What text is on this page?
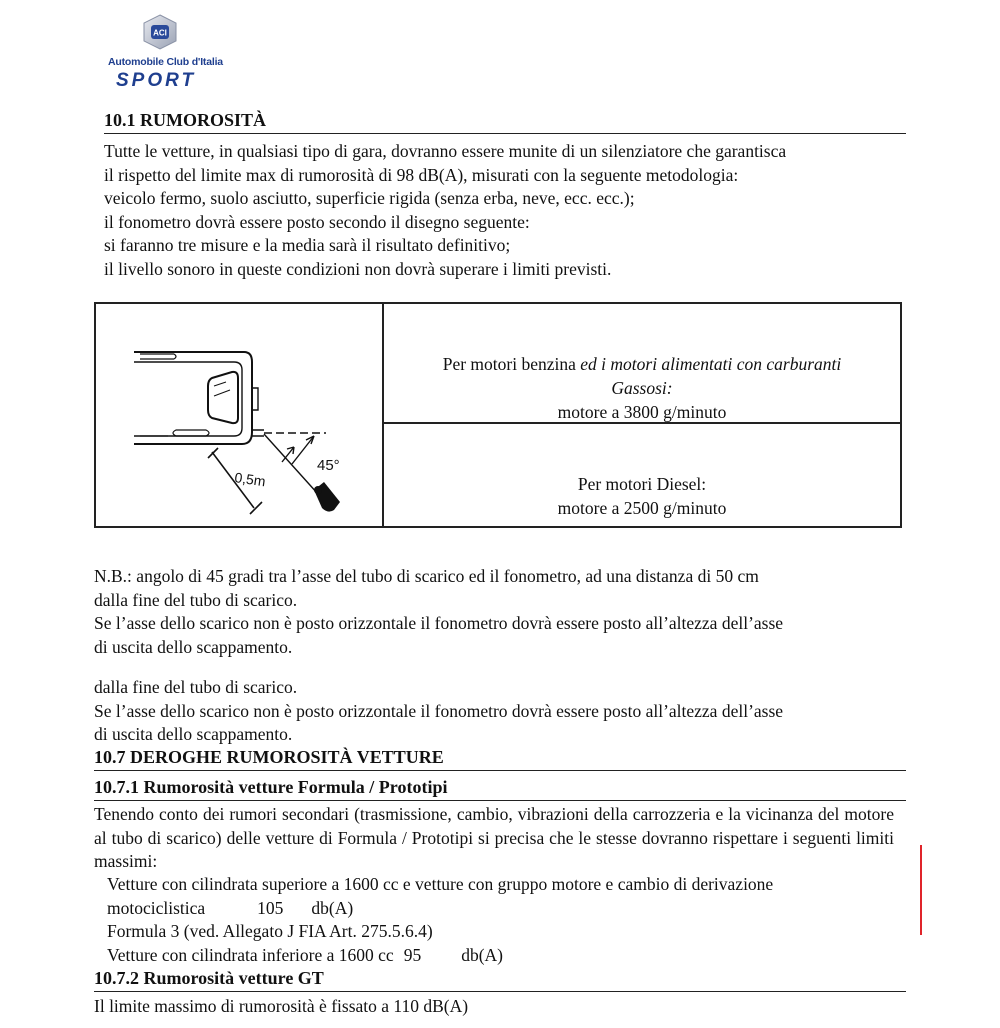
ACI
Automobile Club d'Italia
SPORT
10.1 RUMOROSITÀ
Tutte le vetture, in qualsiasi tipo di gara, dovranno essere munite di un silenziatore che garantisca
il rispetto del limite max di rumorosità di 98 dB(A), misurati con la seguente metodologia:
veicolo fermo, suolo asciutto, superficie rigida (senza erba, neve, ecc. ecc.);
il fonometro dovrà essere posto secondo il disegno seguente:
si faranno tre misure e la media sarà il risultato definitivo;
il livello sonoro in queste condizioni non dovrà superare i limiti previsti.
45°
0,5m
Per motori benzina ed i motori alimentati con carburanti
Gassosi:
motore a 3800 g/minuto
Per motori Diesel:
motore a 2500 g/minuto
N.B.: angolo di 45 gradi tra l’asse del tubo di scarico ed il fonometro, ad una distanza di 50 cm
dalla fine del tubo di scarico.
Se l’asse dello scarico non è posto orizzontale il fonometro dovrà essere posto all’altezza dell’asse
di uscita dello scappamento.
dalla fine del tubo di scarico.
Se l’asse dello scarico non è posto orizzontale il fonometro dovrà essere posto all’altezza dell’asse
di uscita dello scappamento.
10.7 DEROGHE RUMOROSITÀ VETTURE
10.7.1 Rumorosità vetture Formula / Prototipi
Tenendo conto dei rumori secondari (trasmissione, cambio, vibrazioni della carrozzeria e la vicinanza del motore al tubo di scarico) delle vetture di Formula / Prototipi si precisa che le stesse dovranno rispettare i seguenti limiti massimi:
Vetture con cilindrata superiore a 1600 cc e vetture con gruppo motore e cambio di derivazione
motociclistica	105 db(A)
Formula 3 (ved. Allegato J FIA Art. 275.5.6.4)
Vetture con cilindrata inferiore a 1600 cc 95 db(A)
10.7.2 Rumorosità vetture GT
Il limite massimo di rumorosità è fissato a 110 dB(A)
